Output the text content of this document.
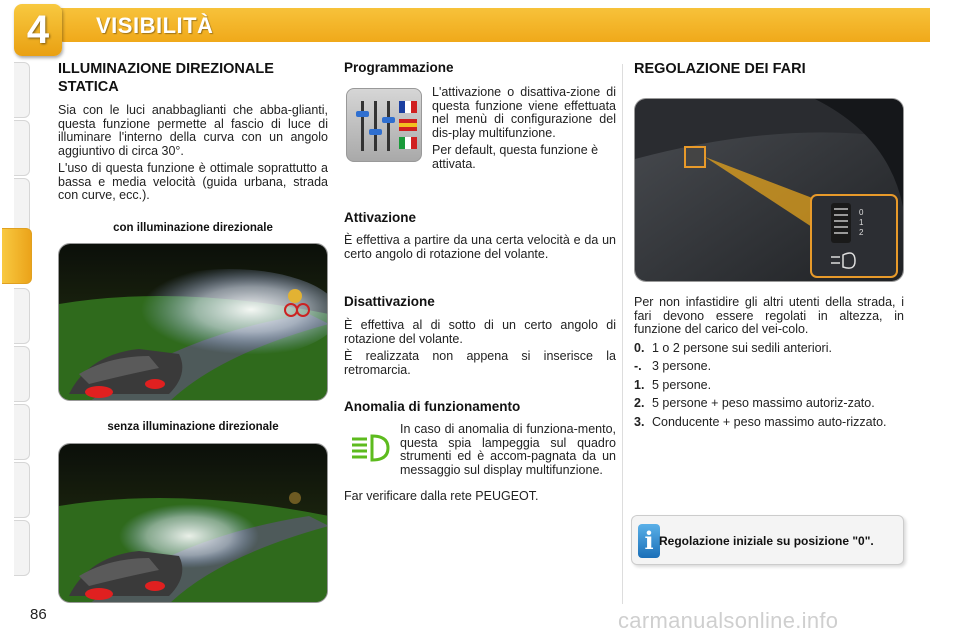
4	VISIBILITÀ
ILLUMINAZIONE DIREZIONALE
STATICA

Sia con le luci anabbaglianti che abba-gliant​i, questa funzione permette al fascio di luce di illuminare l'interno della curva con un angolo aggiuntivo di circa 30°.

L'uso di questa funzione è ottimale soprattutto a bassa e media velocità (guida urbana, strada con curve, ecc.).

con illuminazione direzionale
senza illuminazione direzionale
Programmazione

L'attivazione o disattiva-zione di questa funzione viene effettuata nel menù di configurazione del dis-play multifunzione.

Per default, questa funzione è attivata.

Attivazione

È effettiva a partire da una certa velocità e da un certo angolo di rotazione del volante.

Disattivazione

È effettiva al di sotto di un certo angolo di rotazione del volante.

È realizzata non appena si inserisce la retromarcia.

Anomalia di funzionamento

In caso di anomalia di funziona-mento, questa spia lampeggia sul quadro strumenti ed è accom-pagnata da un messaggio sul display multifunzione.

Far verificare dalla rete PEUGEOT.

REGOLAZIONE DEI FARI
0
1
2

Per non infastidire gli altri utenti della strada, i fari devono essere regolati in altezza, in funzione del carico del vei-colo.

0. 1 o 2 persone sui sedili anteriori.
-. 3 persone.
1. 5 persone.
2. 5 persone + peso massimo autoriz-zato.
3. Conducente + peso massimo auto-rizzato.
i Regolazione iniziale su posizione "0".
86	carmanualsonline.info
